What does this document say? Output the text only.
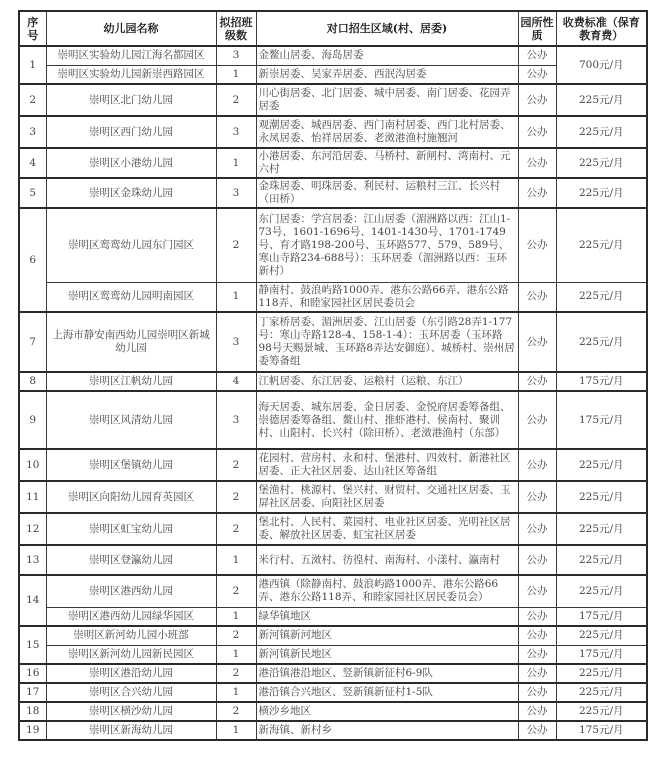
序号	幼儿园名称	拟招班级数	对口招生区域(村、居委)	园所性质	收费标准（保育教育费）
1	崇明区实验幼儿园江海名都园区	3	金鳌山居委、海岛居委	公办	700元/月
	崇明区实验幼儿园新崇西路园区	1	新崇居委、吴家弄居委、西泯沟居委	公办	
2	崇明区北门幼儿园	2	川心街居委、北门居委、城中居委、南门居委、花园弄居委	公办	225元/月
3	崇明区西门幼儿园	3	观潮居委、城西居委、西门南村居委、西门北村居委、永凤居委、怡祥居居委、老滧港渔村施翘河	公办	225元/月
4	崇明区小港幼儿园	1	小港居委、东河沿居委、马桥村、新闸村、湾南村、元六村	公办	225元/月
5	崇明区金珠幼儿园	3	金珠居委、明珠居委、利民村、运粮村三江、长兴村（田桥）	公办	225元/月
6	崇明区鸾鸾幼儿园东门园区	2	东门居委：学宫居委：江山居委（湄洲路以西：江山1-73号、1601-1696号、1401-1430号、1701-1749号、育才路198-200号、玉环路577、579、589号、寒山寺路234-688号）：玉环居委（湄洲路以西：玉环新村）	公办	225元/月
	崇明区鸾鸾幼儿园明南园区	1	静南村、鼓浪屿路1000弄、港东公路66弄、港东公路118弄、和睦家园社区居民委员会	公办	225元/月
7	上海市静安南西幼儿园崇明区新城幼儿园	3	丁家桥居委、湄洲居委、江山居委（东引路28弄1-177号：寒山寺路128-4、158-1-4）：玉环居委（玉环路98号天赐景城、玉环路8弄达安御庭）、城桥村、崇州居委筹备组	公办	225元/月
8	崇明区江帆幼儿园	4	江帆居委、东江居委、运粮村（运粮、东江）	公办	175元/月
9	崇明区风清幼儿园	3	海天居委、城东居委、金日居委、金悦府居委筹备组、崇德居委筹备组、鳌山村、推虾港村、侯南村、聚训村、山阳村、长兴村（除田桥）、老滧港渔村（东部）	公办	175元/月
10	崇明区堡镇幼儿园	2	花园村、营房村、永和村、堡港村、四效村、新港社区居委、正大社区居委、达山社区筹备组	公办	225元/月
11	崇明区向阳幼儿园育英园区	2	堡渔村、桃源村、堡兴村、财贸村、交通社区居委、玉屏社区居委、向阳社区居委	公办	225元/月
12	崇明区虹宝幼儿园	2	堡北村、人民村、菜园村、电业社区居委、光明社区居委、解放社区居委、虹宝社区居委	公办	225元/月
13	崇明区登瀛幼儿园	1	米行村、五滧村、彷徨村、南海村、小漾村、瀛南村	公办	225元/月
14	崇明区港西幼儿园	2	港西镇（除静南村、鼓浪屿路1000弄、港东公路66弄、港东公路118弄、和睦家园社区居民委员会）	公办	225元/月
	崇明区港西幼儿园绿华园区	1	绿华镇地区	公办	175元/月
15	崇明区新河幼儿园小班部	2	新河镇新河地区	公办	225元/月
	崇明区新河幼儿园新民园区	1	新河镇新民地区	公办	175元/月
16	崇明区港沿幼儿园	2	港沿镇港沿地区、竖新镇新征村6-9队	公办	225元/月
17	崇明区合兴幼儿园	1	港沿镇合兴地区、竖新镇新征村1-5队	公办	225元/月
18	崇明区横沙幼儿园	2	横沙乡地区	公办	225元/月
19	崇明区新海幼儿园	1	新海镇、新村乡	公办	175元/月
